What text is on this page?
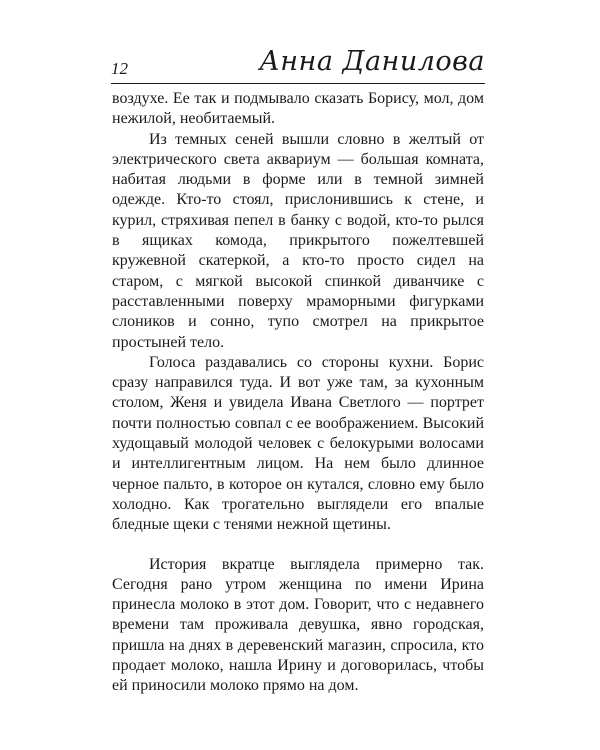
12	Анна Данилова

воздухе. Ее так и подмывало сказать Борису, мол, дом нежилой, необитаемый.

Из темных сеней вышли словно в желтый от электрического света аквариум — большая комната, набитая людьми в форме или в темной зимней одежде. Кто-то стоял, прислонившись к стене, и курил, стряхивая пепел в банку с водой, кто-то рылся в ящиках комода, прикрытого пожелтевшей кружевной скатеркой, а кто-то просто сидел на старом, с мягкой высокой спинкой диванчике с расставленными поверху мраморными фигурками слоников и сонно, тупо смотрел на прикрытое простыней тело.

Голоса раздавались со стороны кухни. Борис сразу направился туда. И вот уже там, за кухонным столом, Женя и увидела Ивана Светлого — портрет почти полностью совпал с ее воображением. Высокий худощавый молодой человек с белокурыми волосами и интеллигентным лицом. На нем было длинное черное пальто, в которое он кутался, словно ему было холодно. Как трогательно выглядели его впалые бледные щеки с тенями нежной щетины.

История вкратце выглядела примерно так. Сегодня рано утром женщина по имени Ирина принесла молоко в этот дом. Говорит, что с недавнего времени там проживала девушка, явно городская, пришла на днях в деревенский магазин, спросила, кто продает молоко, нашла Ирину и договорилась, чтобы ей приносили молоко прямо на дом.
